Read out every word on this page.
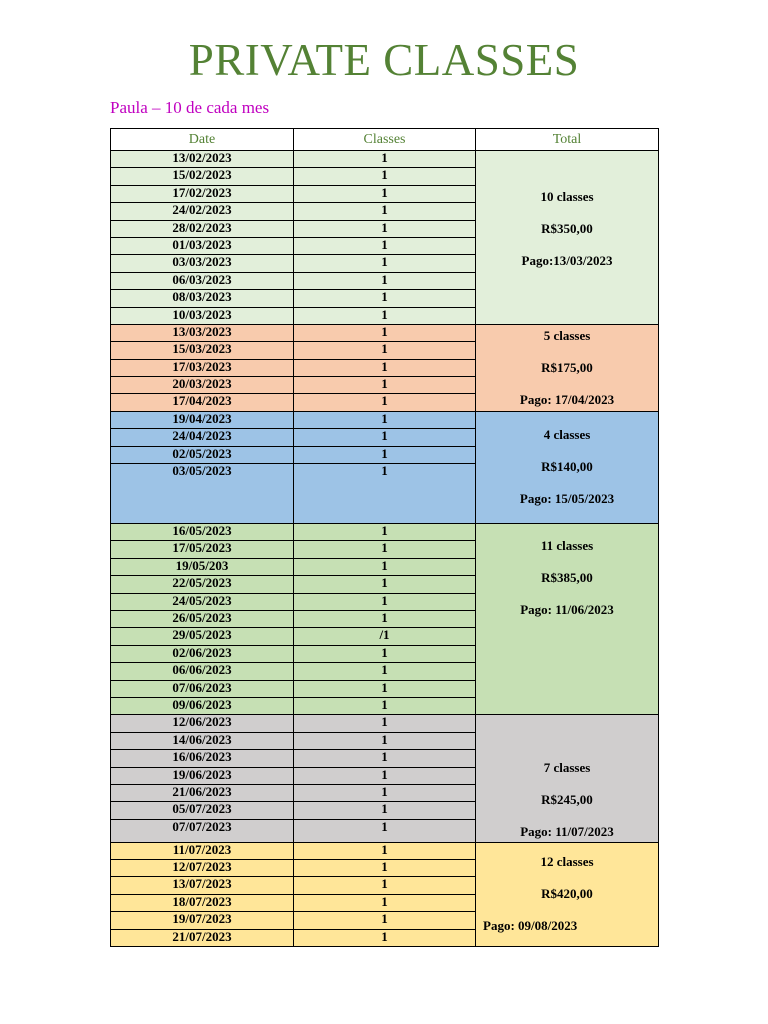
PRIVATE CLASSES
Paula – 10 de cada mes
Date	Classes	Total
13/02/2023	1	10 classes
R$350,00
Pago:13/03/2023

15/02/2023	1	
17/02/2023	1	
24/02/2023	1	
28/02/2023	1	
01/03/2023	1	
03/03/2023	1	
06/03/2023	1	
08/03/2023	1	
10/03/2023	1	
13/03/2023	1	5 classes
R$175,00
Pago: 17/04/2023

15/03/2023	1	
17/03/2023	1	
20/03/2023	1	
17/04/2023	1	
19/04/2023	1	4 classes
R$140,00
Pago: 15/05/2023

24/04/2023	1	
02/05/2023	1	
03/05/2023	1	
16/05/2023	1	11 classes
R$385,00
Pago: 11/06/2023

17/05/2023	1	
19/05/203	1	
22/05/2023	1	
24/05/2023	1	
26/05/2023	1	
29/05/2023	/1	
02/06/2023	1	
06/06/2023	1	
07/06/2023	1	
09/06/2023	1	
12/06/2023	1	7 classes
R$245,00
Pago: 11/07/2023

14/06/2023	1	
16/06/2023	1	
19/06/2023	1	
21/06/2023	1	
05/07/2023	1	
07/07/2023	1	
11/07/2023	1	12 classes
R$420,00
Pago: 09/08/2023

12/07/2023	1	
13/07/2023	1	
18/07/2023	1	
19/07/2023	1	
21/07/2023	1	
